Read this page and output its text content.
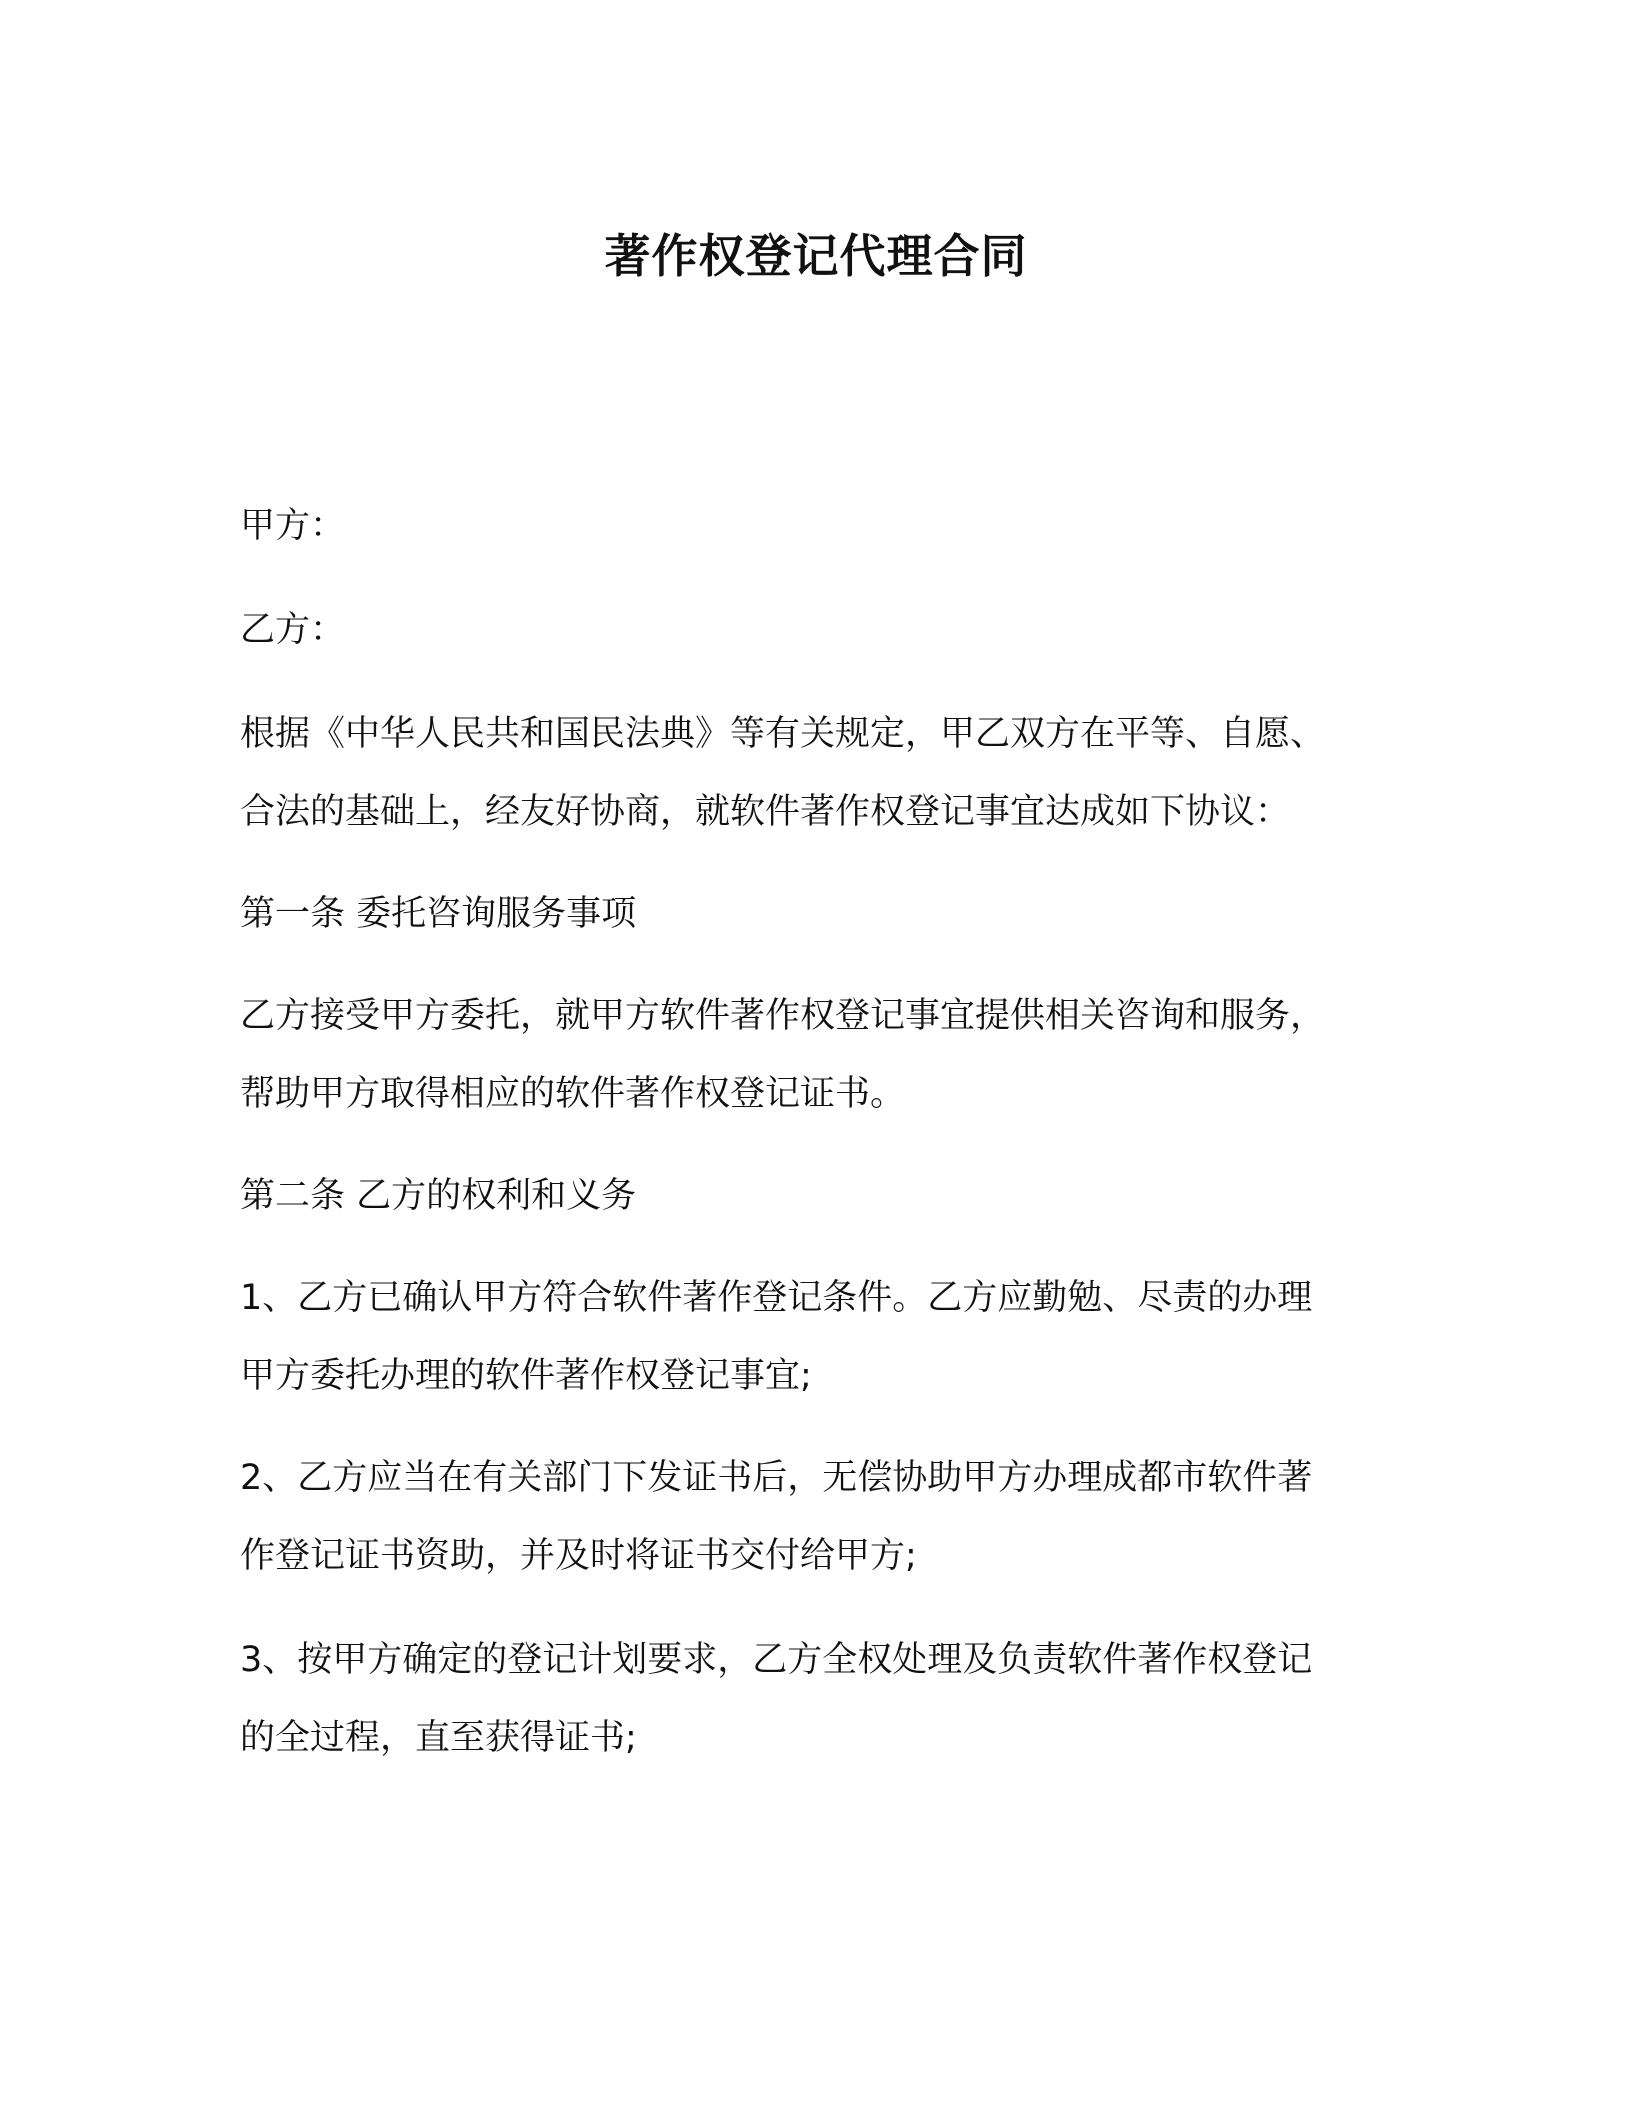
著作权登记代理合同

甲方：

乙方：

根据《中华人民共和国民法典》等有关规定，甲乙双方在平等、自愿、

合法的基础上，经友好协商，就软件著作权登记事宜达成如下协议：

第一条 委托咨询服务事项

乙方接受甲方委托，就甲方软件著作权登记事宜提供相关咨询和服务，

帮助甲方取得相应的软件著作权登记证书。

第二条 乙方的权利和义务

1、乙方已确认甲方符合软件著作登记条件。乙方应勤勉、尽责的办理

甲方委托办理的软件著作权登记事宜;

2、乙方应当在有关部门下发证书后，无偿协助甲方办理成都市软件著

作登记证书资助，并及时将证书交付给甲方;

3、按甲方确定的登记计划要求，乙方全权处理及负责软件著作权登记

的全过程，直至获得证书;
